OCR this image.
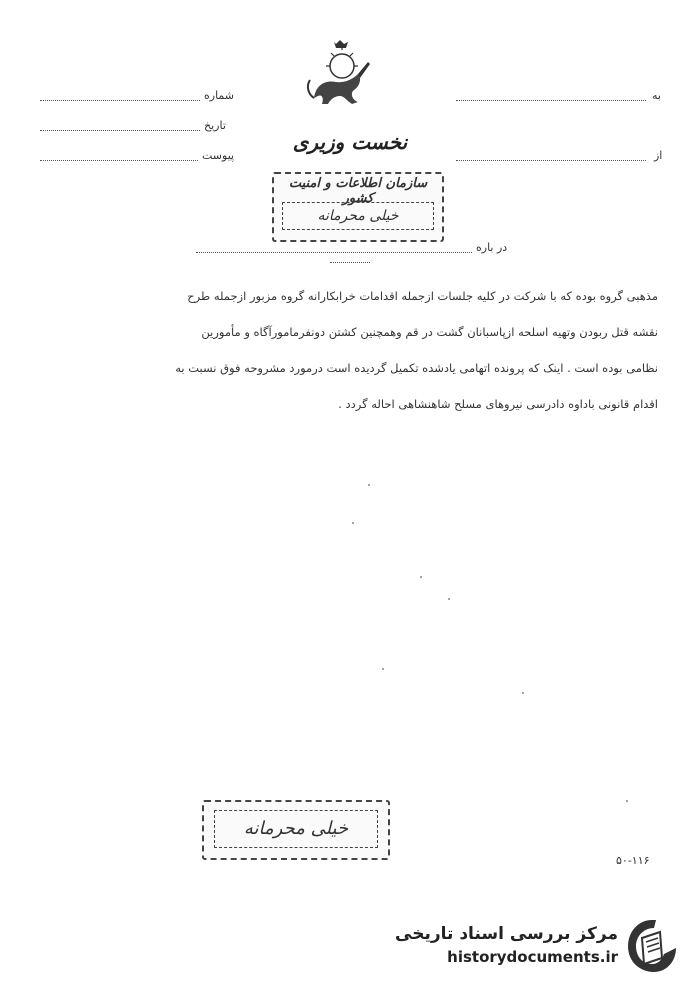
شماره
تاریخ
پیوست
به
از
نخست وزیری
سازمان اطلاعات و امنیت کشور
خیلی محرمانه
در باره
مذهبی گروه بوده که با شرکت در کلیه جلسات ازجمله اقدامات خرابکارانه گروه مزبور ازجمله طرح
نقشه قتل ربودن وتهیه اسلحه ازپاسبانان گشت در قم وهمچنین کشتن دونفرمامورآگاه و مأمورین
نظامی بوده است . اینک که پرونده اتهامی یادشده تکمیل گردیده است درمورد مشروحه فوق نسبت به
اقدام قانونی باداوه دادرسی نیروهای مسلح شاهنشاهی احاله گردد .
خیلی محرمانه
۵۰-۱۱۶
مرکز بررسی اسناد تاریخی
historydocuments.ir
